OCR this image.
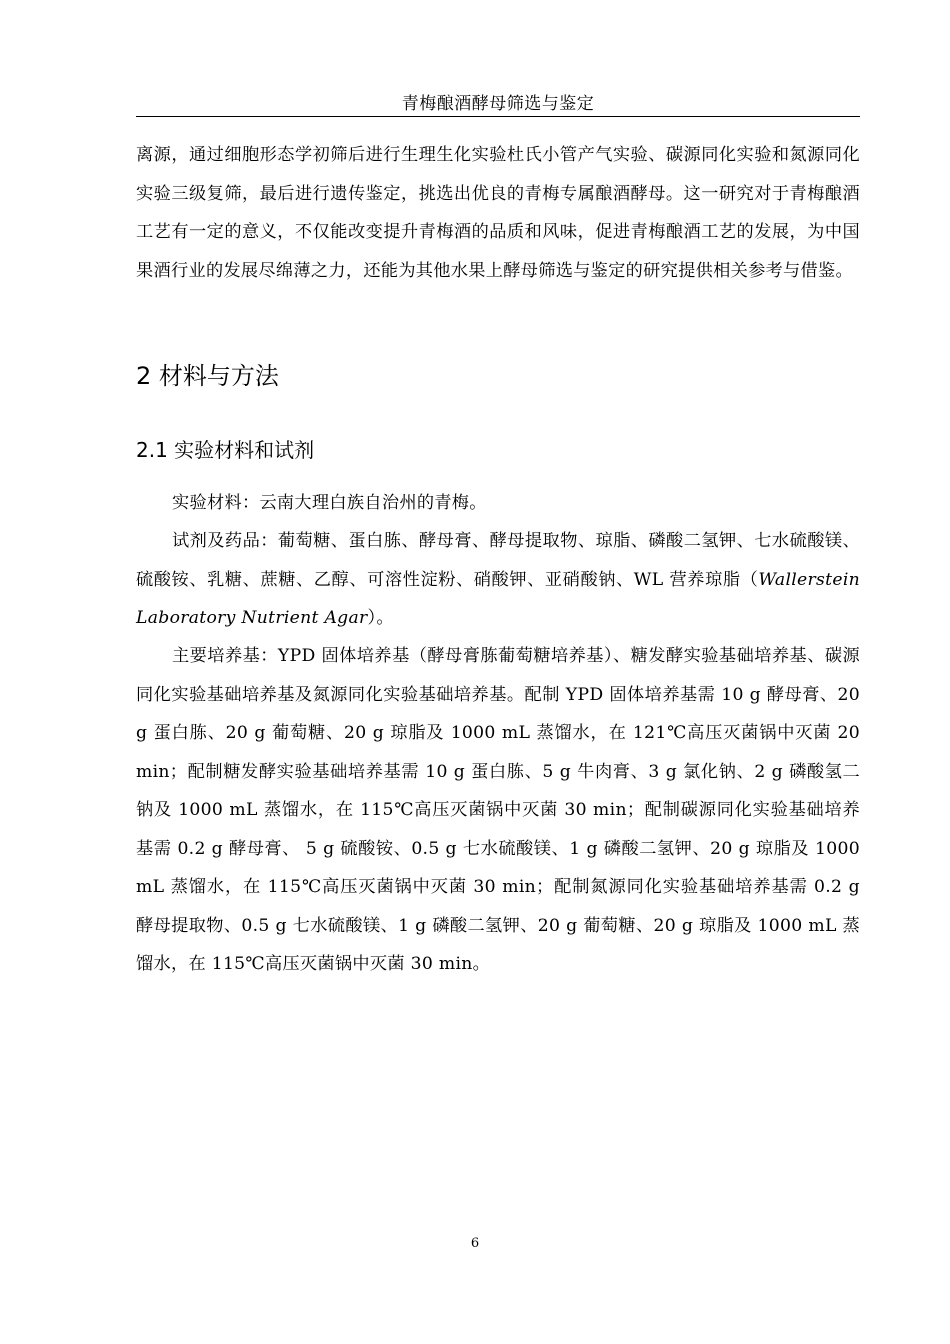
青梅酿酒酵母筛选与鉴定
离源，通过细胞形态学初筛后进行生理生化实验杜氏小管产气实验、碳源同化实验和氮源同化实验三级复筛，最后进行遗传鉴定，挑选出优良的青梅专属酿酒酵母。这一研究对于青梅酿酒工艺有一定的意义，不仅能改变提升青梅酒的品质和风味，促进青梅酿酒工艺的发展，为中国果酒行业的发展尽绵薄之力，还能为其他水果上酵母筛选与鉴定的研究提供相关参考与借鉴。
2 材料与方法
2.1 实验材料和试剂
实验材料：云南大理白族自治州的青梅。
试剂及药品：葡萄糖、蛋白胨、酵母膏、酵母提取物、琼脂、磷酸二氢钾、七水硫酸镁、硫酸铵、乳糖、蔗糖、乙醇、可溶性淀粉、硝酸钾、亚硝酸钠、WL 营养琼脂（Wallerstein Laboratory Nutrient Agar）。
主要培养基：YPD 固体培养基（酵母膏胨葡萄糖培养基）、糖发酵实验基础培养基、碳源同化实验基础培养基及氮源同化实验基础培养基。配制 YPD 固体培养基需 10 g 酵母膏、20 g 蛋白胨、20 g 葡萄糖、20 g 琼脂及 1000 mL 蒸馏水，在 121℃高压灭菌锅中灭菌 20 min；配制糖发酵实验基础培养基需 10 g 蛋白胨、5 g 牛肉膏、3 g 氯化钠、2 g 磷酸氢二钠及 1000 mL 蒸馏水，在 115℃高压灭菌锅中灭菌 30 min；配制碳源同化实验基础培养基需 0.2 g 酵母膏、 5 g 硫酸铵、0.5 g 七水硫酸镁、1 g 磷酸二氢钾、20 g 琼脂及 1000 mL 蒸馏水，在 115℃高压灭菌锅中灭菌 30 min；配制氮源同化实验基础培养基需 0.2 g 酵母提取物、0.5 g 七水硫酸镁、1 g 磷酸二氢钾、20 g 葡萄糖、20 g 琼脂及 1000 mL 蒸馏水，在 115℃高压灭菌锅中灭菌 30 min。
6
